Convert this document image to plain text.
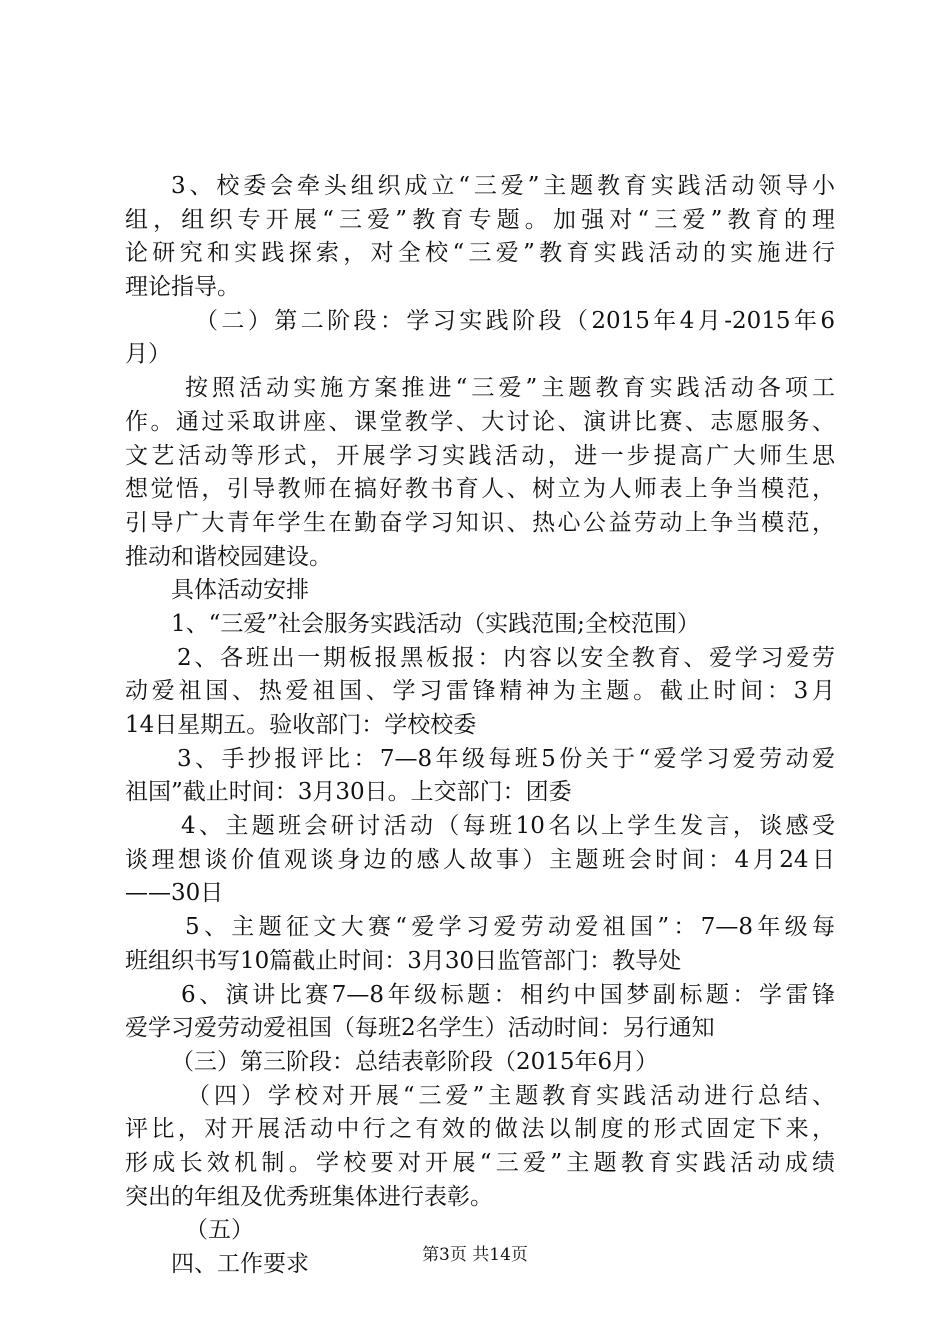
3、校委会牵头组织成立“三爱”主题教育实践活动领导小
组，组织专开展“三爱”教育专题。加强对“三爱”教育的理
论研究和实践探索，对全校“三爱”教育实践活动的实施进行
理论指导。
（二）第二阶段：学习实践阶段（2015年4月-2015年6
月）
按照活动实施方案推进“三爱”主题教育实践活动各项工
作。通过采取讲座、课堂教学、大讨论、演讲比赛、志愿服务、
文艺活动等形式，开展学习实践活动，进一步提高广大师生思
想觉悟，引导教师在搞好教书育人、树立为人师表上争当模范，
引导广大青年学生在勤奋学习知识、热心公益劳动上争当模范，
推动和谐校园建设。
具体活动安排
1、“三爱”社会服务实践活动（实践范围;全校范围）
2、各班出一期板报黑板报：内容以安全教育、爱学习爱劳
动爱祖国、热爱祖国、学习雷锋精神为主题。截止时间：3月
14日星期五。验收部门：学校校委
3、手抄报评比：7—8年级每班5份关于“爱学习爱劳动爱
祖国”截止时间：3月30日。上交部门：团委
4、主题班会研讨活动（每班10名以上学生发言，谈感受
谈理想谈价值观谈身边的感人故事）主题班会时间：4月24日
——30日
5、主题征文大赛“爱学习爱劳动爱祖国”：7—8年级每
班组织书写10篇截止时间：3月30日监管部门：教导处
6、演讲比赛7—8年级标题：相约中国梦副标题：学雷锋
爱学习爱劳动爱祖国（每班2名学生）活动时间：另行通知
（三）第三阶段：总结表彰阶段（2015年6月）
（四）学校对开展“三爱”主题教育实践活动进行总结、
评比，对开展活动中行之有效的做法以制度的形式固定下来，
形成长效机制。学校要对开展“三爱”主题教育实践活动成绩
突出的年组及优秀班集体进行表彰。
（五）
四、工作要求	第3页 共14页
